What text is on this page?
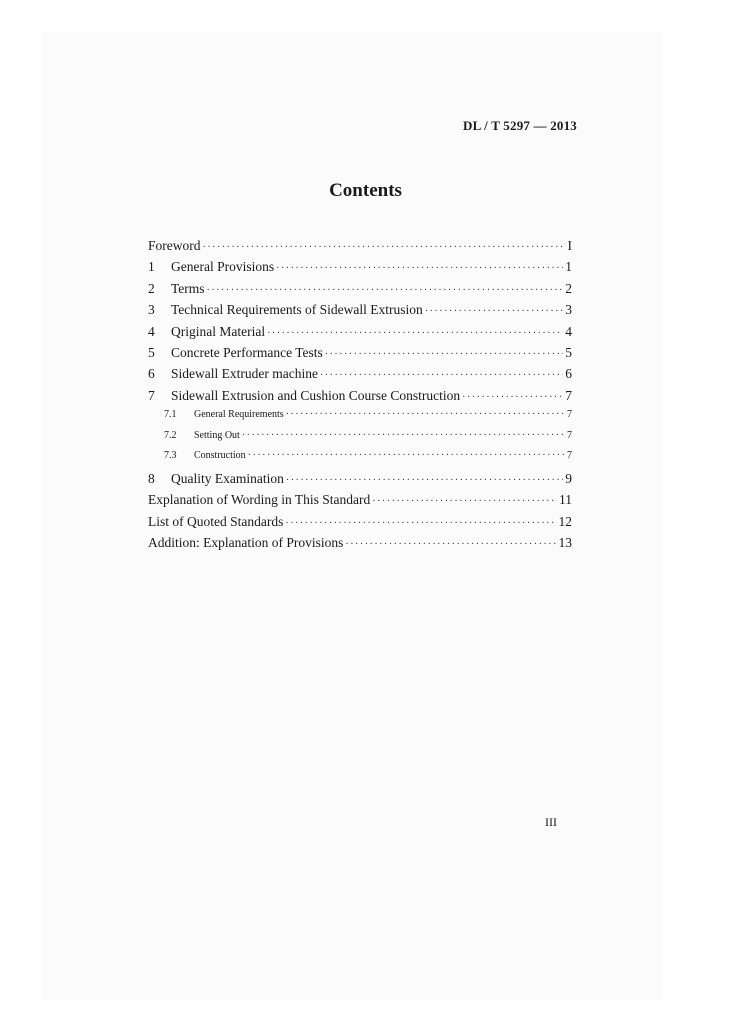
DL / T 5297 — 2013
Contents
Foreword ·····	I
1	General Provisions ·····	1
2	Terms ·····	2
3	Technical Requirements of Sidewall Extrusion ·····	3
4	Qriginal Material ·····	4
5	Concrete Performance Tests ·····	5
6	Sidewall Extruder machine ·····	6
7	Sidewall Extrusion and Cushion Course Construction ·····	7
7.1	General Requirements ·····	7
7.2	Setting Out ·····	7
7.3	Construction ·····	7
8	Quality Examination ·····	9
Explanation of Wording in This Standard ·····	11
List of Quoted Standards ·····	12
Addition: Explanation of Provisions ·····	13
III
